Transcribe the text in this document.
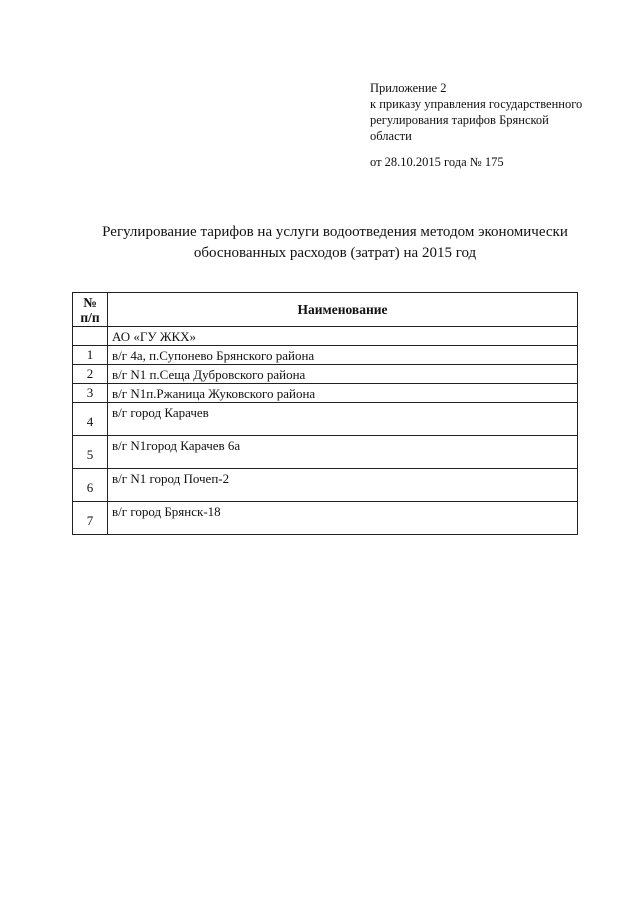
Приложение 2
к приказу управления государственного
регулирования тарифов Брянской
области
от 28.10.2015 года № 175
Регулирование тарифов на услуги водоотведения методом экономически
обоснованных расходов (затрат) на 2015 год
№
п/п	Наименование
	АО «ГУ ЖКХ»
1	в/г 4а, п.Супонево Брянского района
2	в/г N1 п.Сеща Дубровского района
3	в/г N1п.Ржаница Жуковского района
4	в/г город Карачев
5	в/г N1город Карачев 6а
6	в/г N1 город Почеп-2
7	в/г город Брянск-18
